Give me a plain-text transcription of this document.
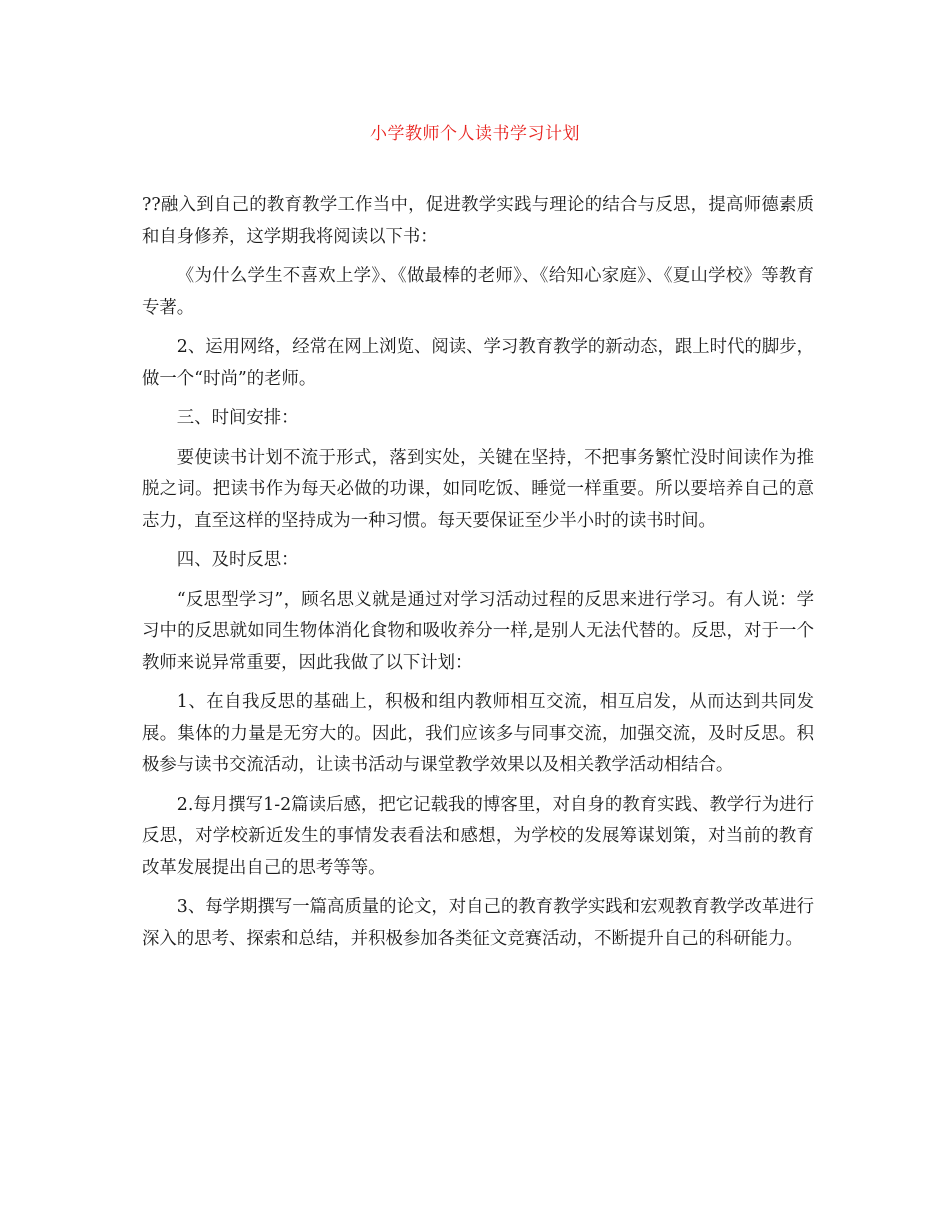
小学教师个人读书学习计划

??融入到自己的教育教学工作当中，促进教学实践与理论的结合与反思，提高师德素质和自身修养，这学期我将阅读以下书：

《为什么学生不喜欢上学》、《做最棒的老师》、《给知心家庭》、《夏山学校》等教育专著。

2、运用网络，经常在网上浏览、阅读、学习教育教学的新动态，跟上时代的脚步，做一个“时尚”的老师。

三、时间安排：

要使读书计划不流于形式，落到实处，关键在坚持，不把事务繁忙没时间读作为推脱之词。把读书作为每天必做的功课，如同吃饭、睡觉一样重要。所以要培养自己的意志力，直至这样的坚持成为一种习惯。每天要保证至少半小时的读书时间。

四、及时反思：

“反思型学习”，顾名思义就是通过对学习活动过程的反思来进行学习。有人说：学习中的反思就如同生物体消化食物和吸收养分一样,是别人无法代替的。反思，对于一个教师来说异常重要，因此我做了以下计划：

1、在自我反思的基础上，积极和组内教师相互交流，相互启发，从而达到共同发展。集体的力量是无穷大的。因此，我们应该多与同事交流，加强交流，及时反思。积极参与读书交流活动，让读书活动与课堂教学效果以及相关教学活动相结合。

2.每月撰写1-2篇读后感，把它记载我的博客里，对自身的教育实践、教学行为进行反思，对学校新近发生的事情发表看法和感想，为学校的发展筹谋划策，对当前的教育改革发展提出自己的思考等等。

3、每学期撰写一篇高质量的论文，对自己的教育教学实践和宏观教育教学改革进行深入的思考、探索和总结，并积极参加各类征文竞赛活动，不断提升自己的科研能力。
